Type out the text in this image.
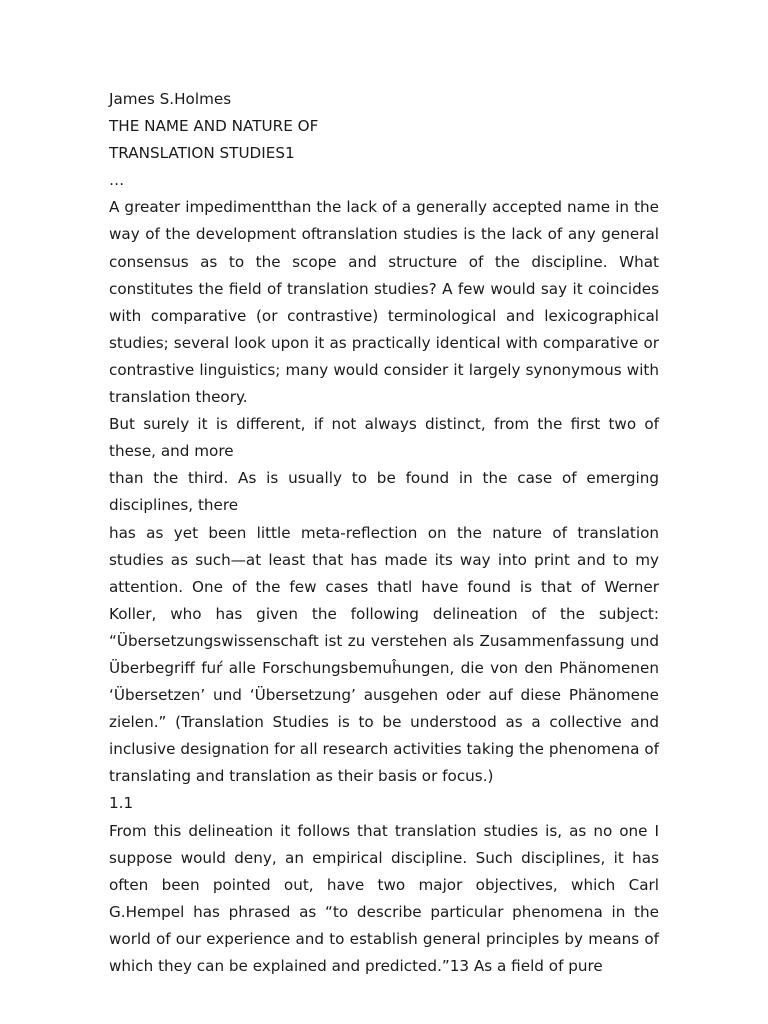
James S.Holmes
THE NAME AND NATURE OF
TRANSLATION STUDIES1
…

A greater impedimentthan the lack of a generally accepted name in the way of the development oftranslation studies is the lack of any general consensus as to the scope and structure of the discipline. What constitutes the field of translation studies? A few would say it coincides with comparative (or contrastive) terminological and lexicographical studies; several look upon it as practically identical with comparative or contrastive linguistics; many would consider it largely synonymous with translation theory.

But surely it is different, if not always distinct, from the first two of these, and more

than the third. As is usually to be found in the case of emerging disciplines, there

has as yet been little meta-reflection on the nature of translation studies as such—at least that has made its way into print and to my attention. One of the few cases thatl have found is that of Werner Koller, who has given the following delineation of the subject: “Übersetzungswissenschaft ist zu verstehen als Zusammenfassung und Überbegriff fuŕ alle Forschungsbemuĥungen, die von den Phänomenen ‘Übersetzen’ und ‘Übersetzung’ ausgehen oder auf diese Phänomene zielen.” (Translation Studies is to be understood as a collective and inclusive designation for all research activities taking the phenomena of translating and translation as their basis or focus.)

1.1

From this delineation it follows that translation studies is, as no one I suppose would deny, an empirical discipline. Such disciplines, it has often been pointed out, have two major objectives, which Carl G.Hempel has phrased as “to describe particular phenomena in the world of our experience and to establish general principles by means of which they can be explained and predicted.”13 As a field of pure
